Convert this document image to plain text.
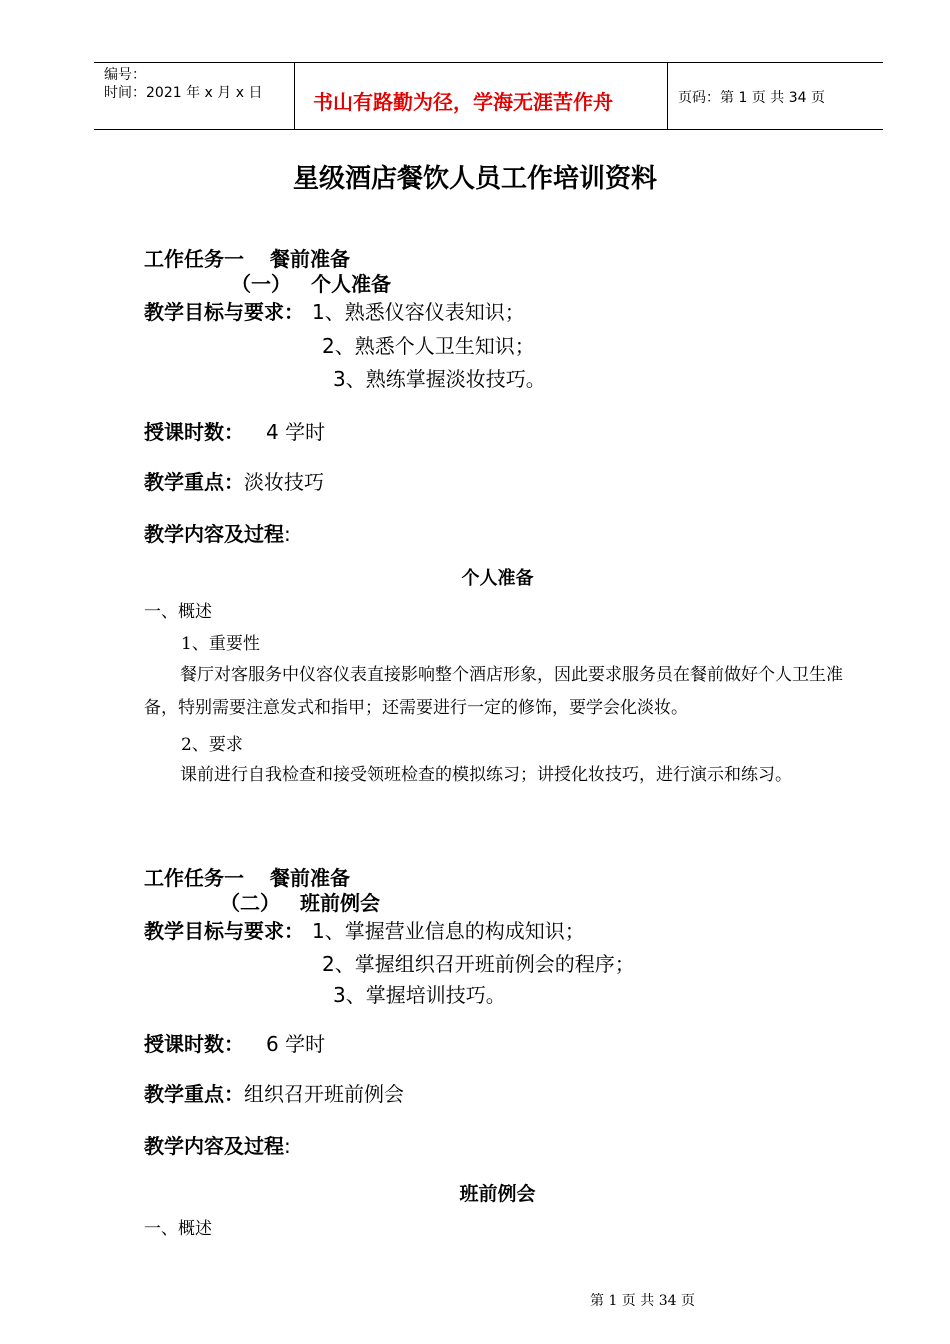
编号：
时间：2021 年 x 月 x 日	书山有路勤为径，学海无涯苦作舟	页码：第 1 页 共 34 页
星级酒店餐饮人员工作培训资料
工作任务一 餐前准备
（一） 个人准备
教学目标与要求： 1、熟悉仪容仪表知识；
2、熟悉个人卫生知识；
3、熟练掌握淡妆技巧。
授课时数： 4 学时
教学重点：淡妆技巧
教学内容及过程:
个人准备
一、概述
1、重要性
餐厅对客服务中仪容仪表直接影响整个酒店形象，因此要求服务员在餐前做好个人卫生准备，特别需要注意发式和指甲；还需要进行一定的修饰，要学会化淡妆。
2、要求
课前进行自我检查和接受领班检查的模拟练习；讲授化妆技巧，进行演示和练习。
工作任务一 餐前准备
（二） 班前例会
教学目标与要求： 1、掌握营业信息的构成知识；
2、掌握组织召开班前例会的程序；
3、掌握培训技巧。
授课时数： 6 学时
教学重点：组织召开班前例会
教学内容及过程:
班前例会
一、概述
第 1 页 共 34 页
